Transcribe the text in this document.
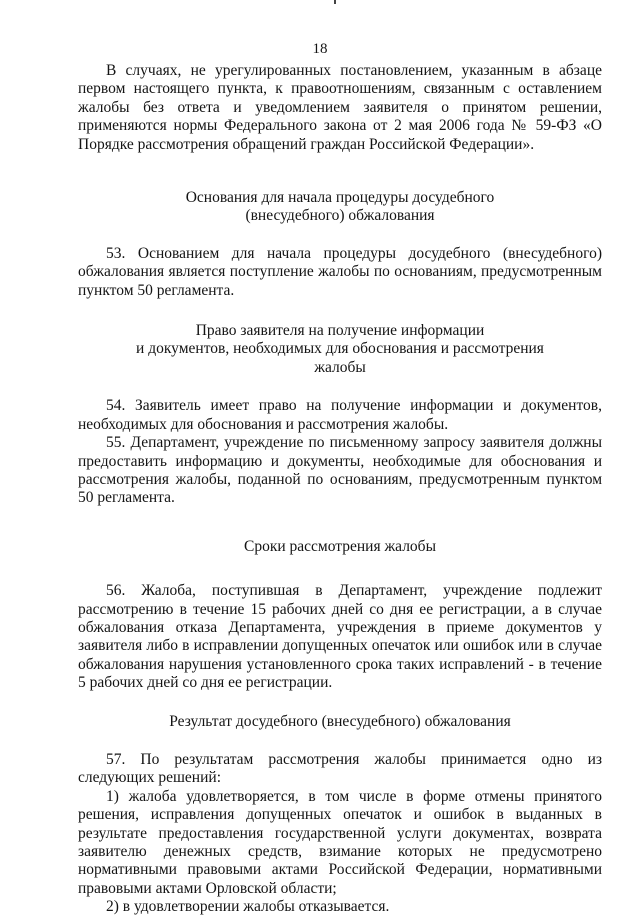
18

В случаях, не урегулированных постановлением, указанным в абзаце первом настоящего пункта, к правоотношениям, связанным с оставлением жалобы без ответа и уведомлением заявителя о принятом решении, применяются нормы Федерального закона от 2 мая 2006 года № 59-ФЗ «О Порядке рассмотрения обращений граждан Российской Федерации».

Основания для начала процедуры досудебного
(внесудебного) обжалования

53. Основанием для начала процедуры досудебного (внесудебного) обжалования является поступление жалобы по основаниям, предусмотренным пунктом 50 регламента.

Право заявителя на получение информации
и документов, необходимых для обоснования и рассмотрения
жалобы

54. Заявитель имеет право на получение информации и документов, необходимых для обоснования и рассмотрения жалобы.

55. Департамент, учреждение по письменному запросу заявителя должны предоставить информацию и документы, необходимые для обоснования и рассмотрения жалобы, поданной по основаниям, предусмотренным пунктом 50 регламента.

Сроки рассмотрения жалобы

56. Жалоба, поступившая в Департамент, учреждение подлежит рассмотрению в течение 15 рабочих дней со дня ее регистрации, а в случае обжалования отказа Департамента, учреждения в приеме документов у заявителя либо в исправлении допущенных опечаток или ошибок или в случае обжалования нарушения установленного срока таких исправлений - в течение 5 рабочих дней со дня ее регистрации.

Результат досудебного (внесудебного) обжалования

57. По результатам рассмотрения жалобы принимается одно из следующих решений:

1) жалоба удовлетворяется, в том числе в форме отмены принятого решения, исправления допущенных опечаток и ошибок в выданных в результате предоставления государственной услуги документах, возврата заявителю денежных средств, взимание которых не предусмотрено нормативными правовыми актами Российской Федерации, нормативными правовыми актами Орловской области;

2) в удовлетворении жалобы отказывается.
